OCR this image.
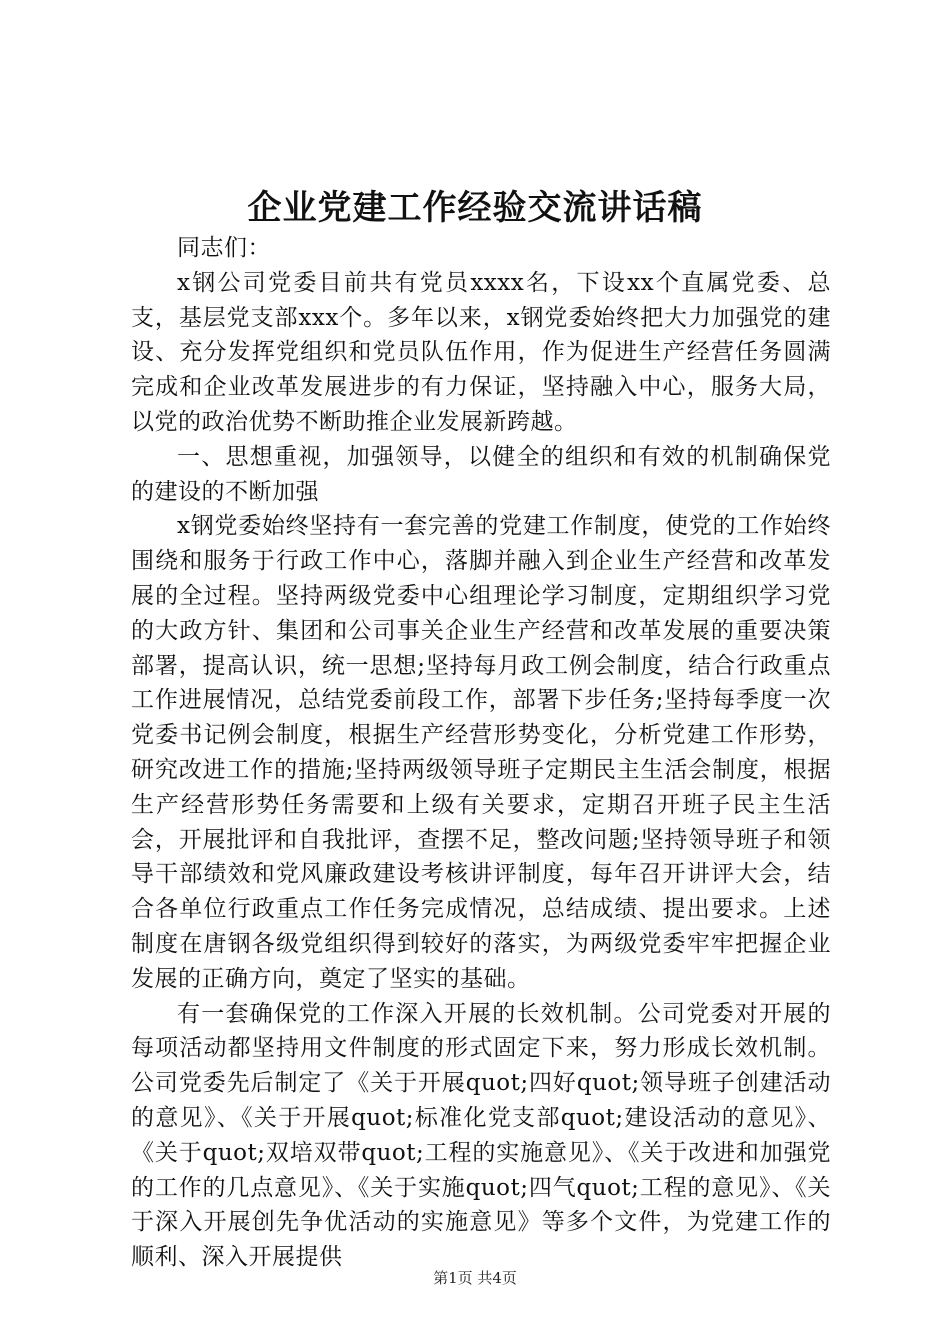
企业党建工作经验交流讲话稿

同志们：

x钢公司党委目前共有党员xxxx名，下设xx个直属党委、总支，基层党支部xxx个。多年以来，x钢党委始终把大力加强党的建设、充分发挥党组织和党员队伍作用，作为促进生产经营任务圆满完成和企业改革发展进步的有力保证，坚持融入中心，服务大局，以党的政治优势不断助推企业发展新跨越。

一、思想重视，加强领导，以健全的组织和有效的机制确保党的建设的不断加强

x钢党委始终坚持有一套完善的党建工作制度，使党的工作始终围绕和服务于行政工作中心，落脚并融入到企业生产经营和改革发展的全过程。坚持两级党委中心组理论学习制度，定期组织学习党的大政方针、集团和公司事关企业生产经营和改革发展的重要决策部署，提高认识，统一思想;坚持每月政工例会制度，结合行政重点工作进展情况，总结党委前段工作，部署下步任务;坚持每季度一次党委书记例会制度，根据生产经营形势变化，分析党建工作形势，研究改进工作的措施;坚持两级领导班子定期民主生活会制度，根据生产经营形势任务需要和上级有关要求，定期召开班子民主生活会，开展批评和自我批评，查摆不足，整改问题;坚持领导班子和领导干部绩效和党风廉政建设考核讲评制度，每年召开讲评大会，结合各单位行政重点工作任务完成情况，总结成绩、提出要求。上述制度在唐钢各级党组织得到较好的落实，为两级党委牢牢把握企业发展的正确方向，奠定了坚实的基础。

有一套确保党的工作深入开展的长效机制。公司党委对开展的每项活动都坚持用文件制度的形式固定下来，努力形成长效机制。公司党委先后制定了《关于开展quot;四好quot;领导班子创建活动的意见》、《关于开展quot;标准化党支部quot;建设活动的意见》、《关于quot;双培双带quot;工程的实施意见》、《关于改进和加强党的工作的几点意见》、《关于实施quot;四气quot;工程的意见》、《关于深入开展创先争优活动的实施意见》等多个文件，为党建工作的顺利、深入开展提供

第1页 共4页
